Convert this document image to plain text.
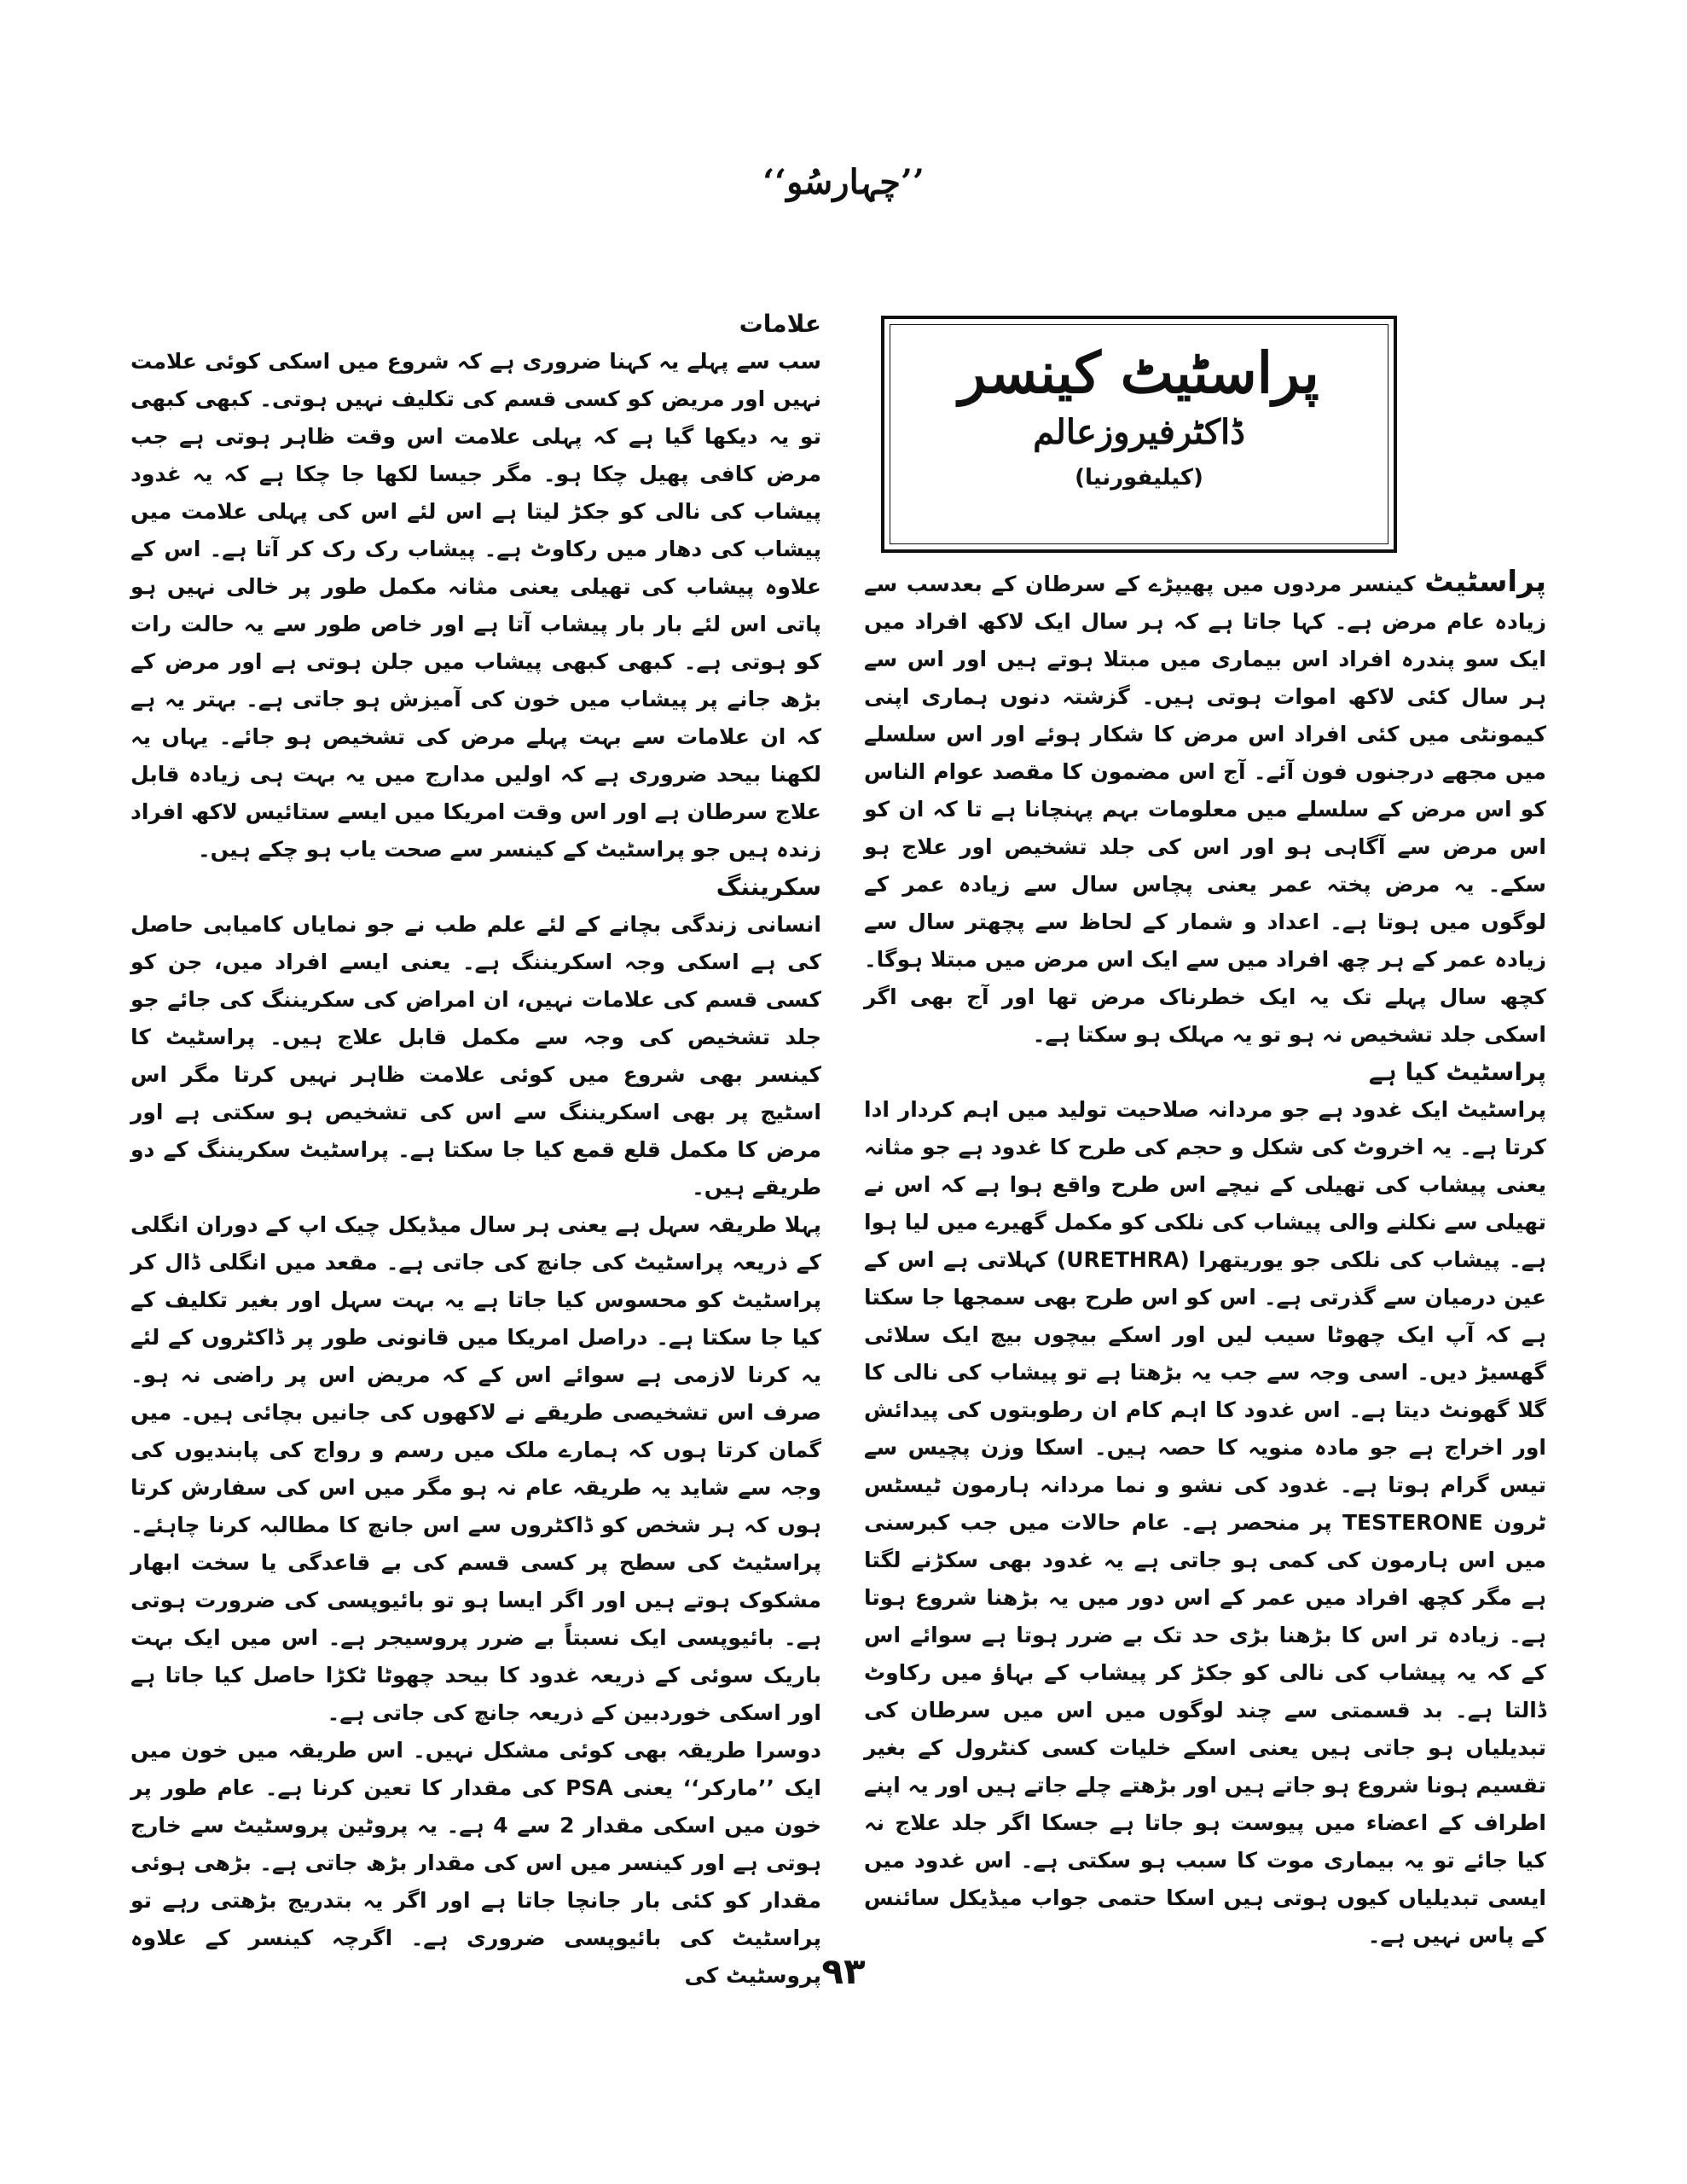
’’چہارسُو‘‘
پراسٹیٹ کینسر
ڈاکٹرفیروزعالم
(کیلیفورنیا)

پراسٹیٹ کینسر مردوں میں پھیپڑے کے سرطان کے بعدسب سے زیادہ عام مرض ہے۔ کہا جاتا ہے کہ ہر سال ایک لاکھ افراد میں ایک سو پندرہ افراد اس بیماری میں مبتلا ہوتے ہیں اور اس سے ہر سال کئی لاکھ اموات ہوتی ہیں۔ گزشتہ دنوں ہماری اپنی کیمونٹی میں کئی افراد اس مرض کا شکار ہوئے اور اس سلسلے میں مجھے درجنوں فون آئے۔ آج اس مضمون کا مقصد عوام الناس کو اس مرض کے سلسلے میں معلومات بہم پہنچانا ہے تا کہ ان کو اس مرض سے آگاہی ہو اور اس کی جلد تشخیص اور علاج ہو سکے۔ یہ مرض پختہ عمر یعنی پچاس سال سے زیادہ عمر کے لوگوں میں ہوتا ہے۔ اعداد و شمار کے لحاظ سے پچھتر سال سے زیادہ عمر کے ہر چھ افراد میں سے ایک اس مرض میں مبتلا ہوگا۔ کچھ سال پہلے تک یہ ایک خطرناک مرض تھا اور آج بھی اگر اسکی جلد تشخیص نہ ہو تو یہ مہلک ہو سکتا ہے۔

پراسٹیٹ کیا ہے

پراسٹیٹ ایک غدود ہے جو مردانہ صلاحیت تولید میں اہم کردار ادا کرتا ہے۔ یہ اخروٹ کی شکل و حجم کی طرح کا غدود ہے جو مثانہ یعنی پیشاب کی تھیلی کے نیچے اس طرح واقع ہوا ہے کہ اس نے تھیلی سے نکلنے والی پیشاب کی نلکی کو مکمل گھیرے میں لیا ہوا ہے۔ پیشاب کی نلکی جو یوریتھرا (URETHRA) کہلاتی ہے اس کے عین درمیان سے گذرتی ہے۔ اس کو اس طرح بھی سمجھا جا سکتا ہے کہ آپ ایک چھوٹا سیب لیں اور اسکے بیچوں بیچ ایک سلائی گھسیڑ دیں۔ اسی وجہ سے جب یہ بڑھتا ہے تو پیشاب کی نالی کا گلا گھونٹ دیتا ہے۔ اس غدود کا اہم کام ان رطوبتوں کی پیدائش اور اخراج ہے جو مادہ منویہ کا حصہ ہیں۔ اسکا وزن پچیس سے تیس گرام ہوتا ہے۔ غدود کی نشو و نما مردانہ ہارمون ٹیسٹس ٹرون TESTERONE پر منحصر ہے۔ عام حالات میں جب کبرسنی میں اس ہارمون کی کمی ہو جاتی ہے یہ غدود بھی سکڑنے لگتا ہے مگر کچھ افراد میں عمر کے اس دور میں یہ بڑھنا شروع ہوتا ہے۔ زیادہ تر اس کا بڑھنا بڑی حد تک بے ضرر ہوتا ہے سوائے اس کے کہ یہ پیشاب کی نالی کو جکڑ کر پیشاب کے بہاؤ میں رکاوٹ ڈالتا ہے۔ بد قسمتی سے چند لوگوں میں اس میں سرطان کی تبدیلیاں ہو جاتی ہیں یعنی اسکے خلیات کسی کنٹرول کے بغیر تقسیم ہونا شروع ہو جاتے ہیں اور بڑھتے چلے جاتے ہیں اور یہ اپنے اطراف کے اعضاء میں پیوست ہو جاتا ہے جسکا اگر جلد علاج نہ کیا جائے تو یہ بیماری موت کا سبب ہو سکتی ہے۔ اس غدود میں ایسی تبدیلیاں کیوں ہوتی ہیں اسکا حتمی جواب میڈیکل سائنس کے پاس نہیں ہے۔

علامات

سب سے پہلے یہ کہنا ضروری ہے کہ شروع میں اسکی کوئی علامت نہیں اور مریض کو کسی قسم کی تکلیف نہیں ہوتی۔ کبھی کبھی تو یہ دیکھا گیا ہے کہ پہلی علامت اس وقت ظاہر ہوتی ہے جب مرض کافی پھیل چکا ہو۔ مگر جیسا لکھا جا چکا ہے کہ یہ غدود پیشاب کی نالی کو جکڑ لیتا ہے اس لئے اس کی پہلی علامت میں پیشاب کی دھار میں رکاوٹ ہے۔ پیشاب رک رک کر آتا ہے۔ اس کے علاوہ پیشاب کی تھیلی یعنی مثانہ مکمل طور پر خالی نہیں ہو پاتی اس لئے بار بار پیشاب آتا ہے اور خاص طور سے یہ حالت رات کو ہوتی ہے۔ کبھی کبھی پیشاب میں جلن ہوتی ہے اور مرض کے بڑھ جانے پر پیشاب میں خون کی آمیزش ہو جاتی ہے۔ بہتر یہ ہے کہ ان علامات سے بہت پہلے مرض کی تشخیص ہو جائے۔ یہاں یہ لکھنا بیحد ضروری ہے کہ اولیں مدارج میں یہ بہت ہی زیادہ قابل علاج سرطان ہے اور اس وقت امریکا میں ایسے ستائیس لاکھ افراد زندہ ہیں جو پراسٹیٹ کے کینسر سے صحت یاب ہو چکے ہیں۔

سکریننگ

انسانی زندگی بچانے کے لئے علم طب نے جو نمایاں کامیابی حاصل کی ہے اسکی وجہ اسکریننگ ہے۔ یعنی ایسے افراد میں، جن کو کسی قسم کی علامات نہیں، ان امراض کی سکریننگ کی جائے جو جلد تشخیص کی وجہ سے مکمل قابل علاج ہیں۔ پراسٹیٹ کا کینسر بھی شروع میں کوئی علامت ظاہر نہیں کرتا مگر اس اسٹیج پر بھی اسکریننگ سے اس کی تشخیص ہو سکتی ہے اور مرض کا مکمل قلع قمع کیا جا سکتا ہے۔ پراسٹیٹ سکریننگ کے دو طریقے ہیں۔

پہلا طریقہ سہل ہے یعنی ہر سال میڈیکل چیک اپ کے دوران انگلی کے ذریعہ پراسٹیٹ کی جانچ کی جاتی ہے۔ مقعد میں انگلی ڈال کر پراسٹیٹ کو محسوس کیا جاتا ہے یہ بہت سہل اور بغیر تکلیف کے کیا جا سکتا ہے۔ دراصل امریکا میں قانونی طور پر ڈاکٹروں کے لئے یہ کرنا لازمی ہے سوائے اس کے کہ مریض اس پر راضی نہ ہو۔ صرف اس تشخیصی طریقے نے لاکھوں کی جانیں بچائی ہیں۔ میں گمان کرتا ہوں کہ ہمارے ملک میں رسم و رواج کی پابندیوں کی وجہ سے شاید یہ طریقہ عام نہ ہو مگر میں اس کی سفارش کرتا ہوں کہ ہر شخص کو ڈاکٹروں سے اس جانچ کا مطالبہ کرنا چاہئے۔ پراسٹیٹ کی سطح پر کسی قسم کی بے قاعدگی یا سخت ابھار مشکوک ہوتے ہیں اور اگر ایسا ہو تو بائیوپسی کی ضرورت ہوتی ہے۔ بائیوپسی ایک نسبتاً بے ضرر پروسیجر ہے۔ اس میں ایک بہت باریک سوئی کے ذریعہ غدود کا بیحد چھوٹا ٹکڑا حاصل کیا جاتا ہے اور اسکی خوردبین کے ذریعہ جانچ کی جاتی ہے۔

دوسرا طریقہ بھی کوئی مشکل نہیں۔ اس طریقہ میں خون میں ایک ’’مارکر‘‘ یعنی PSA کی مقدار کا تعین کرنا ہے۔ عام طور پر خون میں اسکی مقدار 2 سے 4 ہے۔ یہ پروٹین پروسٹیٹ سے خارج ہوتی ہے اور کینسر میں اس کی مقدار بڑھ جاتی ہے۔ بڑھی ہوئی مقدار کو کئی بار جانچا جاتا ہے اور اگر یہ بتدریج بڑھتی رہے تو پراسٹیٹ کی بائیوپسی ضروری ہے۔ اگرچہ کینسر کے علاوہ پروسٹیٹ کی ۹۳
